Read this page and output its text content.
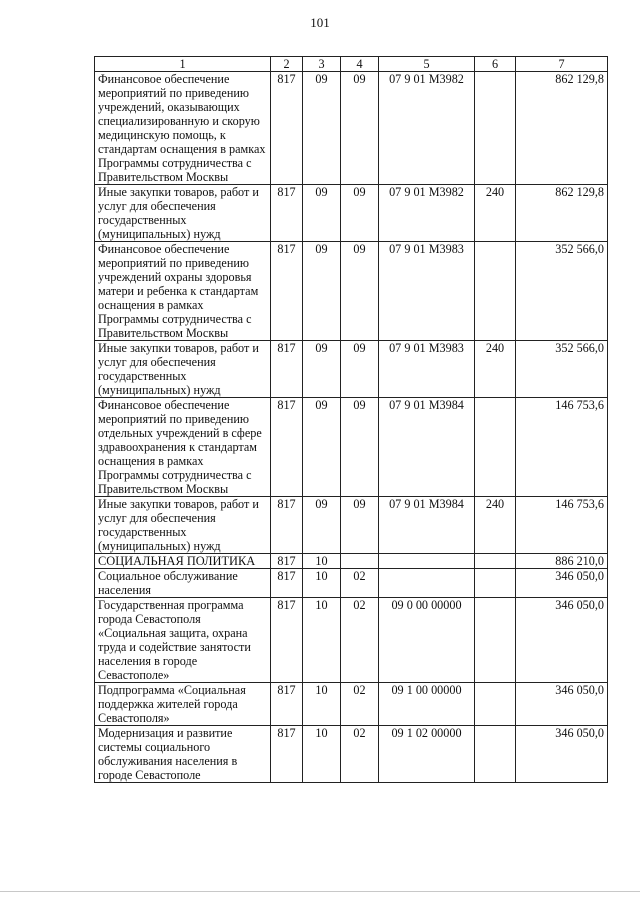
101
1	2	3	4	5	6	7
Финансовое обеспечение мероприятий по приведению учреждений, оказывающих специализированную и скорую медицинскую помощь, к стандартам оснащения в рамках Программы сотрудничества с Правительством Москвы	817	09	09	07 9 01 М3982		862 129,8
Иные закупки товаров, работ и услуг для обеспечения государственных (муниципальных) нужд	817	09	09	07 9 01 М3982	240	862 129,8
Финансовое обеспечение мероприятий по приведению учреждений охраны здоровья матери и ребенка к стандартам оснащения в рамках Программы сотрудничества с Правительством Москвы	817	09	09	07 9 01 М3983		352 566,0
Иные закупки товаров, работ и услуг для обеспечения государственных (муниципальных) нужд	817	09	09	07 9 01 М3983	240	352 566,0
Финансовое обеспечение мероприятий по приведению отдельных учреждений в сфере здравоохранения к стандартам оснащения в рамках Программы сотрудничества с Правительством Москвы	817	09	09	07 9 01 М3984		146 753,6
Иные закупки товаров, работ и услуг для обеспечения государственных (муниципальных) нужд	817	09	09	07 9 01 М3984	240	146 753,6
СОЦИАЛЬНАЯ ПОЛИТИКА	817	10				886 210,0
Социальное обслуживание населения	817	10	02			346 050,0
Государственная программа города Севастополя «Социальная защита, охрана труда и содействие занятости населения в городе Севастополе»	817	10	02	09 0 00 00000		346 050,0
Подпрограмма «Социальная поддержка жителей города Севастополя»	817	10	02	09 1 00 00000		346 050,0
Модернизация и развитие системы социального обслуживания населения в городе Севастополе	817	10	02	09 1 02 00000		346 050,0
